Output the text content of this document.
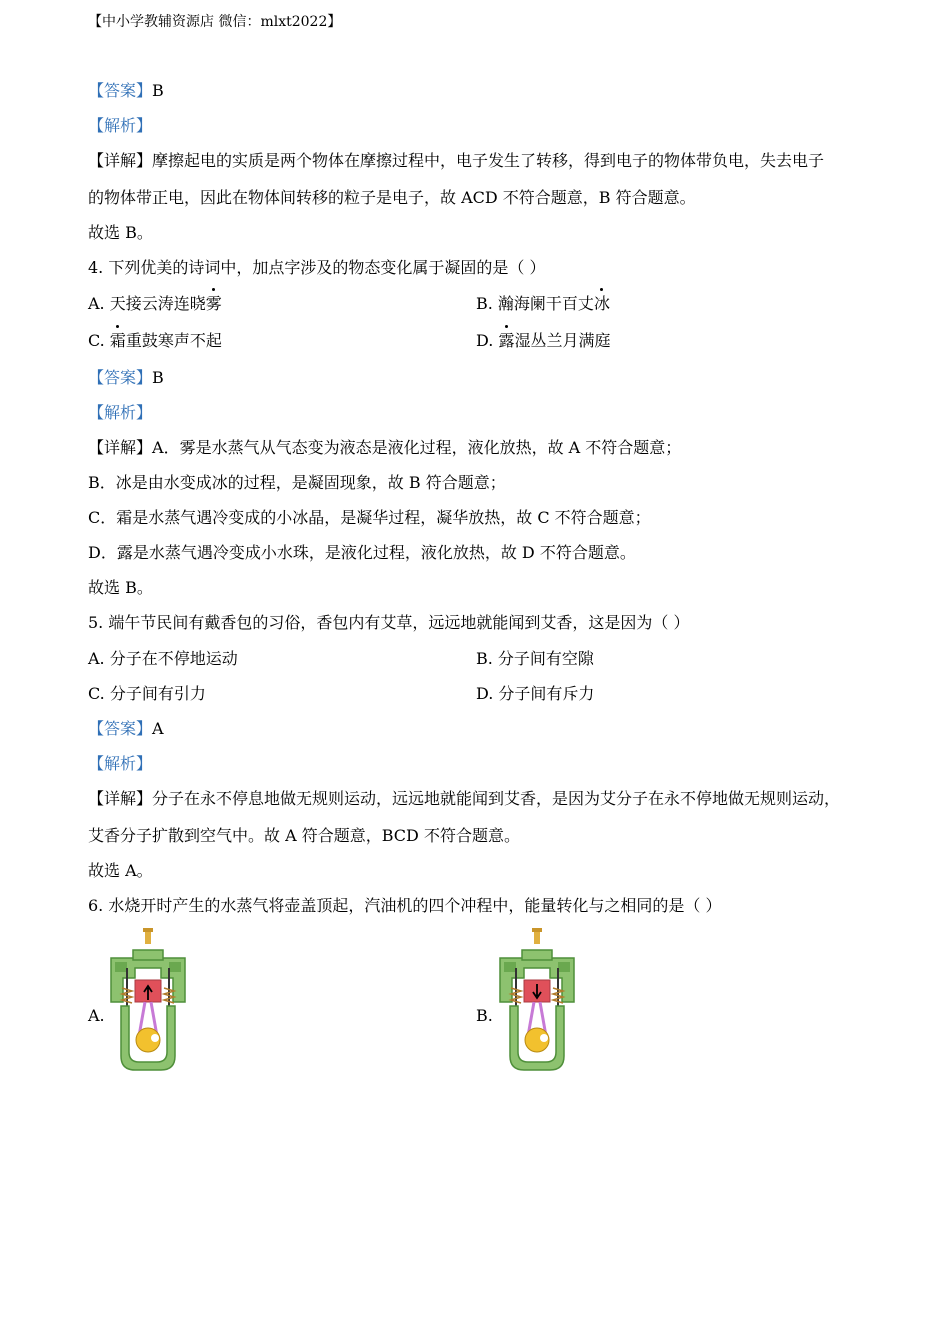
【中小学教辅资源店 微信：mlxt2022】
【答案】B
【解析】
【详解】摩擦起电的实质是两个物体在摩擦过程中，电子发生了转移，得到电子的物体带负电，失去电子
的物体带正电，因此在物体间转移的粒子是电子，故 ACD 不符合题意，B 符合题意。
故选 B。
4. 下列优美的诗词中，加点字涉及的物态变化属于凝固的是（ ）
A. 天接云涛连晓雾	B. 瀚海阑干百丈冰
C. 霜重鼓寒声不起	D. 露湿丛兰月满庭
【答案】B
【解析】
【详解】A．雾是水蒸气从气态变为液态是液化过程，液化放热，故 A 不符合题意；
B．冰是由水变成冰的过程，是凝固现象，故 B 符合题意；
C．霜是水蒸气遇冷变成的小冰晶，是凝华过程，凝华放热，故 C 不符合题意；
D．露是水蒸气遇冷变成小水珠，是液化过程，液化放热，故 D 不符合题意。
故选 B。
5. 端午节民间有戴香包的习俗，香包内有艾草，远远地就能闻到艾香，这是因为（ ）
A. 分子在不停地运动	B. 分子间有空隙
C. 分子间有引力	D. 分子间有斥力
【答案】A
【解析】
【详解】分子在永不停息地做无规则运动，远远地就能闻到艾香，是因为艾分子在永不停地做无规则运动，
艾香分子扩散到空气中。故 A 符合题意，BCD 不符合题意。
故选 A。
6. 水烧开时产生的水蒸气将壶盖顶起，汽油机的四个冲程中，能量转化与之相同的是（ ）
A.	B.
